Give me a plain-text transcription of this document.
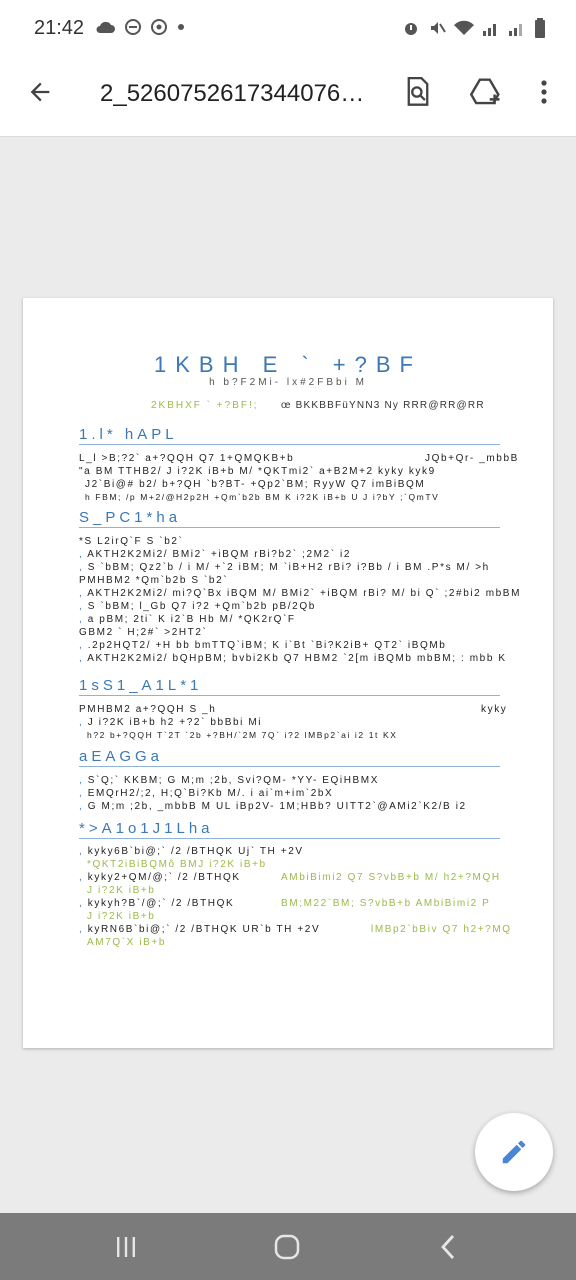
21:42
2_5260752617344076…
1KBH E ` +?BF
h b?F2Mi- lx#2FBbi M
2KBHXF ` +?BF!; œ BKKBBFüYNN3 Ny RRR@RR@RR
1.l* hAPL
L_l >B;?2` a+?QQH Q7 1+QMQKB+b	JQb+Qr- _mbbB
"a BM TTHB2/ J i?2K iB+b M/ *QKTmi2` a+B2M+2 kyky kyk9
J2`Bi@# b2/ b+?QH `b?BT- +Qp2`BM; RyyW Q7 imBiBQM
h FBM; /p M+2/@H2p2H +Qm`b2b BM K i?2K iB+b U J i?bY ;`QmTV
S_PC1*ha
*S L2irQ`F S `b2`
, AKTH2K2Mi2/ BMi2` +iBQM rBi?b2` ;2M2` i2
, S `bBM; Qz2`b / i M/ +`2 iBM; M `iB+H2 rBi? i?Bb / i BM .P*s M/ >h
PMHBM2 *Qm`b2b S `b2`
, AKTH2K2Mi2/ mi?Q`Bx iBQM M/ BMi2` +iBQM rBi? M/ bi Q` ;2#bi2 mbBM
, S `bBM; l_Gb Q7 i?2 +Qm`b2b pB/2Qb
, a pBM; 2ti` K i2`B Hb M/ *QK2rQ`F
GBM2 ` H;2#` >2HT2`
, .2p2HQT2/ +H bb bmTTQ`iBM; K i`Bt `Bi?K2iB+ QT2` iBQMb
, AKTH2K2Mi2/ bQHpBM; bvbi2Kb Q7 HBM2 `2[m iBQMb mbBM; : mbb K
1sS1_A1L*1
PMHBM2 a+?QQH S _h	kyky
, J i?2K iB+b h2 +?2` bbBbi Mi
h?2 b+?QQH T`2T `2b +?BH/`2M 7Q` i?2 lMBp2`ai i2 1t KX
aEAGGa
, S`Q;` KKBM; G M;m ;2b, Svi?QM- *YY- EQiHBMX
, EMQrH2/;2, H;Q`Bi?Kb M/. i ai`m+im`2bX
, G M;m ;2b, _mbbB M UL iBp2V- 1M;HBb? UITT2`@AMi2`K2/B i2
*>A1o1J1Lha
, kyky6B`bi@;` /2 /BTHQK Uj` TH +2V
*QKT2iBiBQMô BMJ i?2K iB+b
, kyky2+QM/@;` /2 /BTHQK	AMbiBimi2 Q7 S?vbB+b M/ h2+?MQH
J i?2K iB+b
, kykyh?B`/@;` /2 /BTHQK	BM;M22`BM; S?vbB+b AMbiBimi2 P
J i?2K iB+b
, kyRN6B`bi@;` /2 /BTHQK UR`b TH +2V	lMBp2`bBiv Q7 h2+?MQ
AM7Q`X iB+b
